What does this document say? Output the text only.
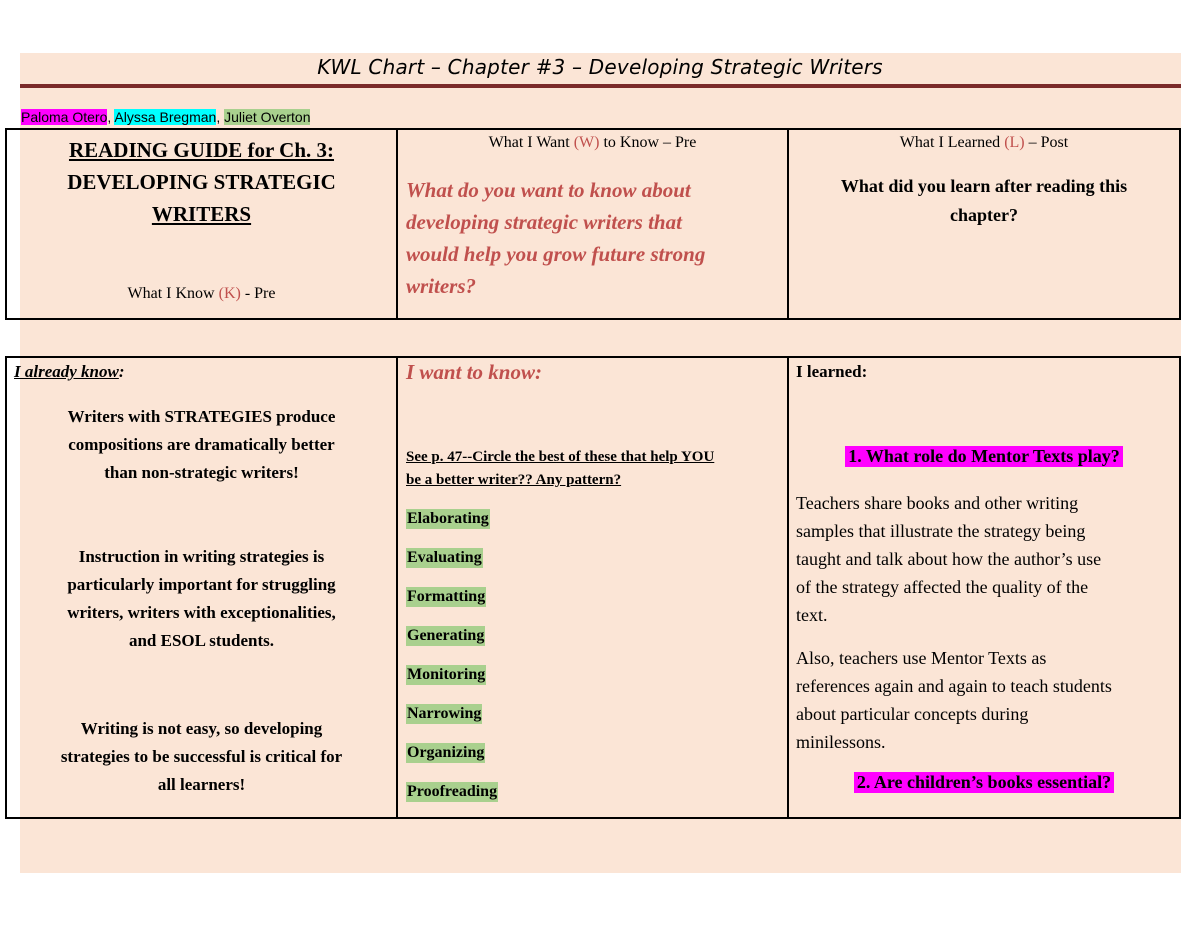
KWL Chart – Chapter #3 – Developing Strategic Writers
Paloma Otero, Alyssa Bregman, Juliet Overton
READING GUIDE for Ch. 3:
DEVELOPING STRATEGIC
WRITERS
What I Know (K) - Pre
What I Want (W) to Know – Pre
What do you want to know about
developing strategic writers that
would help you grow future strong
writers?
What I Learned (L) – Post
What did you learn after reading this
chapter?
I already know:
Writers with STRATEGIES produce
compositions are dramatically better
than non-strategic writers!
Instruction in writing strategies is
particularly important for struggling
writers, writers with exceptionalities,
and ESOL students.
Writing is not easy, so developing
strategies to be successful is critical for
all learners!
I want to know:
See p. 47--Circle the best of these that help YOU
be a better writer?? Any pattern?
Elaborating
Evaluating
Formatting
Generating
Monitoring
Narrowing
Organizing
Proofreading
I learned:
1. What role do Mentor Texts play?
Teachers share books and other writing
samples that illustrate the strategy being
taught and talk about how the author’s use
of the strategy affected the quality of the
text.
Also, teachers use Mentor Texts as
references again and again to teach students
about particular concepts during
minilessons.
2. Are children’s books essential?
